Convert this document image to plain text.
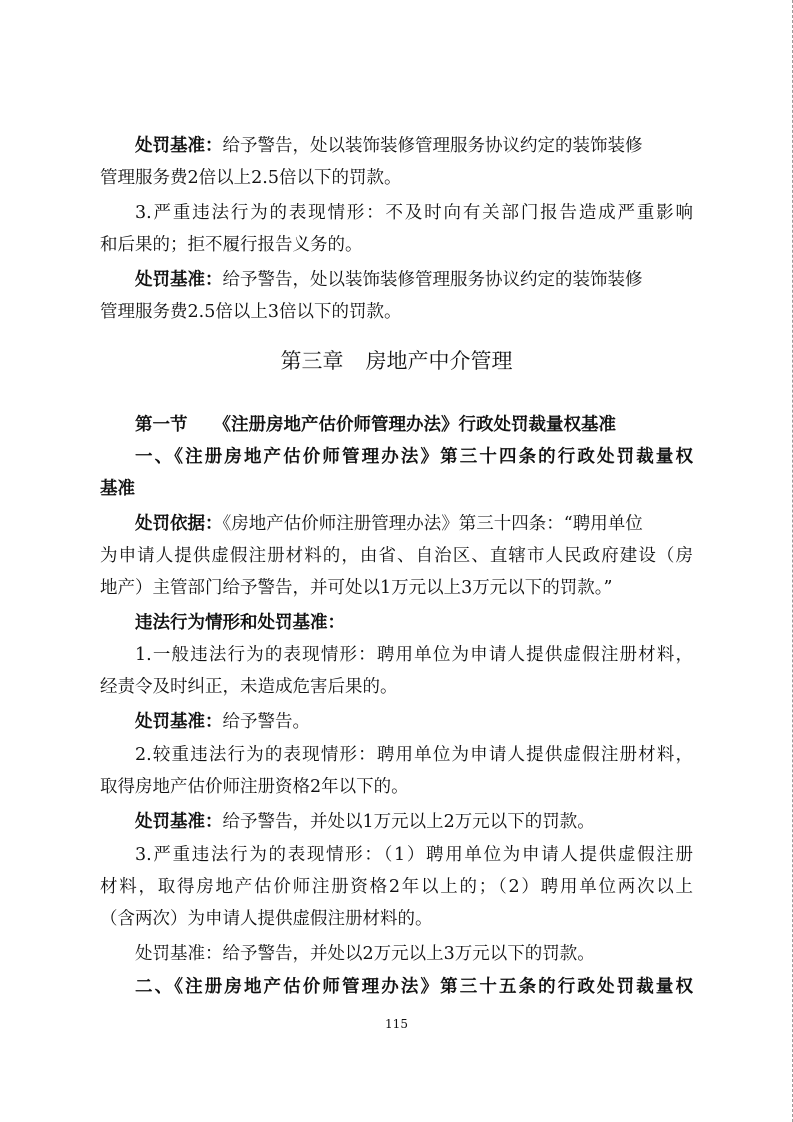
处罚基准：给予警告，处以装饰装修管理服务协议约定的装饰装修
管理服务费2倍以上2.5倍以下的罚款。
3.严重违法行为的表现情形：不及时向有关部门报告造成严重影响
和后果的；拒不履行报告义务的。
处罚基准：给予警告，处以装饰装修管理服务协议约定的装饰装修
管理服务费2.5倍以上3倍以下的罚款。
第三章 房地产中介管理
第一节 《注册房地产估价师管理办法》行政处罚裁量权基准
一、《注册房地产估价师管理办法》第三十四条的行政处罚裁量权
基准
处罚依据：《房地产估价师注册管理办法》第三十四条：“聘用单位
为申请人提供虚假注册材料的，由省、自治区、直辖市人民政府建设（房
地产）主管部门给予警告，并可处以1万元以上3万元以下的罚款。”
违法行为情形和处罚基准：
1.一般违法行为的表现情形：聘用单位为申请人提供虚假注册材料，
经责令及时纠正，未造成危害后果的。
处罚基准：给予警告。
2.较重违法行为的表现情形：聘用单位为申请人提供虚假注册材料，
取得房地产估价师注册资格2年以下的。
处罚基准：给予警告，并处以1万元以上2万元以下的罚款。
3.严重违法行为的表现情形：（1）聘用单位为申请人提供虚假注册
材料，取得房地产估价师注册资格2年以上的；（2）聘用单位两次以上
（含两次）为申请人提供虚假注册材料的。
处罚基准：给予警告，并处以2万元以上3万元以下的罚款。
二、《注册房地产估价师管理办法》第三十五条的行政处罚裁量权
115
